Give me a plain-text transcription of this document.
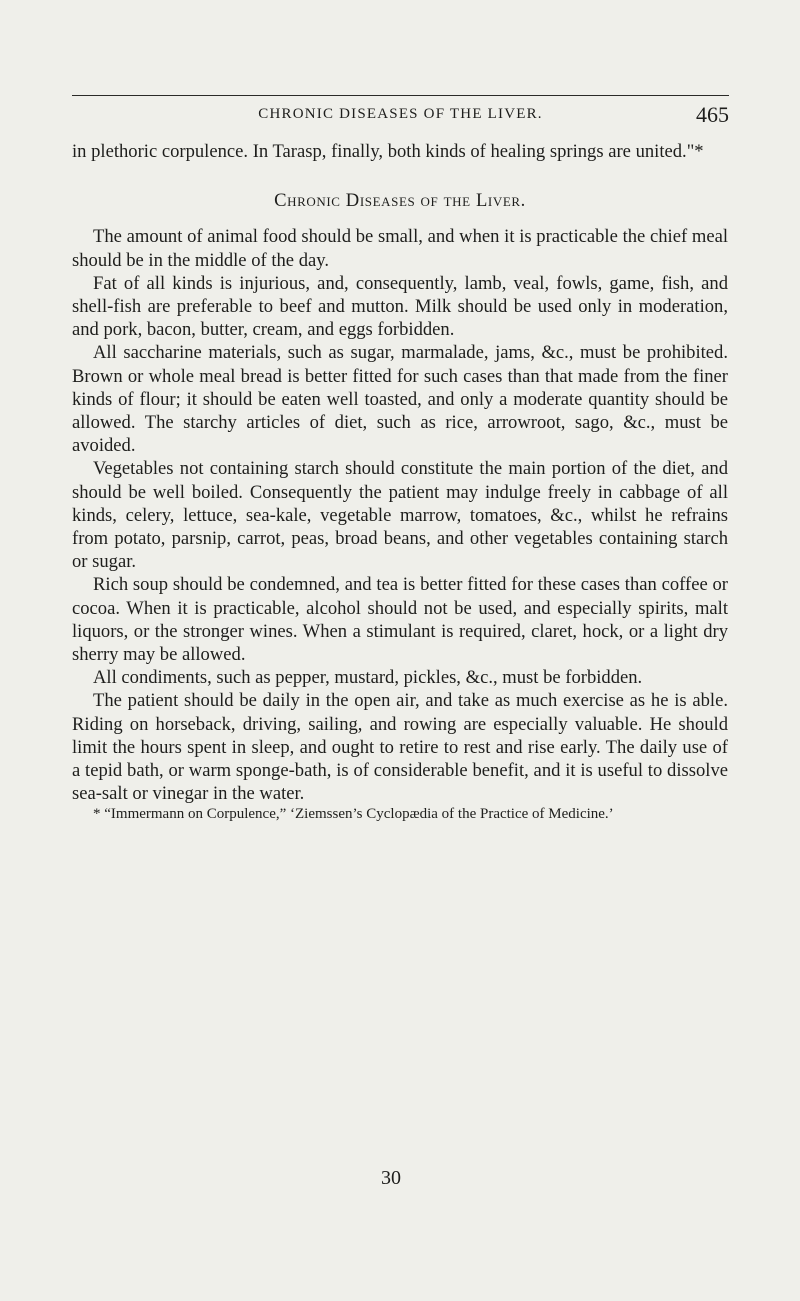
CHRONIC DISEASES OF THE LIVER.	465

in plethoric corpulence. In Tarasp, finally, both kinds of healing springs are united."*

Chronic Diseases of the Liver.

The amount of animal food should be small, and when it is practicable the chief meal should be in the middle of the day.

Fat of all kinds is injurious, and, consequently, lamb, veal, fowls, game, fish, and shell-fish are preferable to beef and mutton. Milk should be used only in moderation, and pork, bacon, butter, cream, and eggs forbidden.

All saccharine materials, such as sugar, marmalade, jams, &c., must be prohibited. Brown or whole meal bread is better fitted for such cases than that made from the finer kinds of flour; it should be eaten well toasted, and only a moderate quantity should be allowed. The starchy articles of diet, such as rice, arrowroot, sago, &c., must be avoided.

Vegetables not containing starch should constitute the main portion of the diet, and should be well boiled. Consequently the patient may indulge freely in cabbage of all kinds, celery, lettuce, sea-kale, vegetable marrow, tomatoes, &c., whilst he refrains from potato, parsnip, carrot, peas, broad beans, and other vegetables containing starch or sugar.

Rich soup should be condemned, and tea is better fitted for these cases than coffee or cocoa. When it is practicable, alcohol should not be used, and especially spirits, malt liquors, or the stronger wines. When a stimulant is required, claret, hock, or a light dry sherry may be allowed.

All condiments, such as pepper, mustard, pickles, &c., must be forbidden.

The patient should be daily in the open air, and take as much exercise as he is able. Riding on horseback, driving, sailing, and rowing are especially valuable. He should limit the hours spent in sleep, and ought to retire to rest and rise early. The daily use of a tepid bath, or warm sponge-bath, is of considerable benefit, and it is useful to dissolve sea-salt or vinegar in the water.

* “Immermann on Corpulence,” ‘Ziemssen’s Cyclopædia of the Practice of Medicine.’

30
